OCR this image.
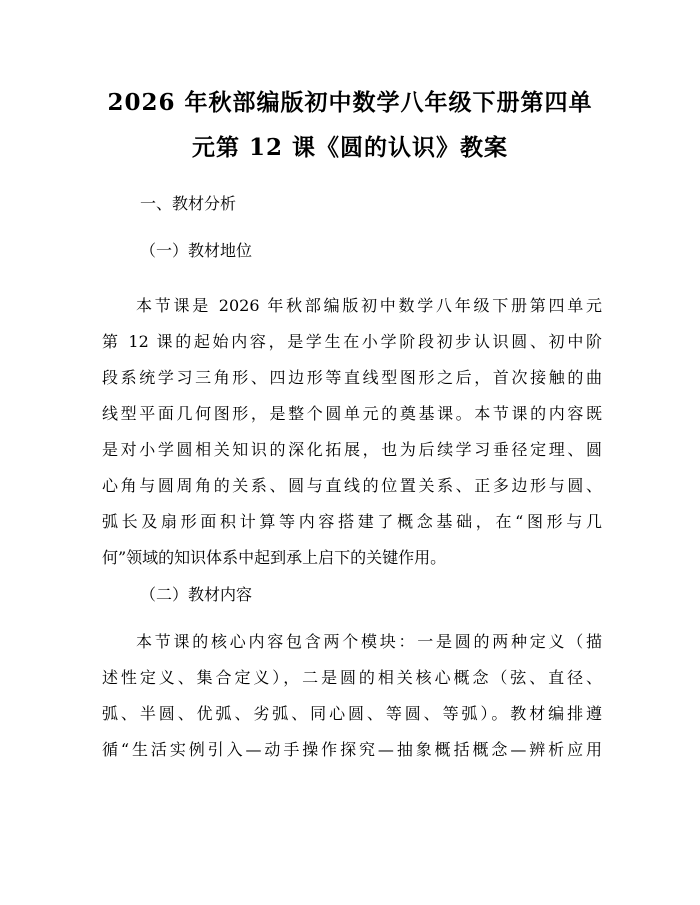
2026 年秋部编版初中数学八年级下册第四单
元第 12 课《圆的认识》教案
一、教材分析
（一）教材地位
本节课是 2026 年秋部编版初中数学八年级下册第四单元
第 12 课的起始内容，是学生在小学阶段初步认识圆、初中阶
段系统学习三角形、四边形等直线型图形之后，首次接触的曲
线型平面几何图形，是整个圆单元的奠基课。本节课的内容既
是对小学圆相关知识的深化拓展，也为后续学习垂径定理、圆
心角与圆周角的关系、圆与直线的位置关系、正多边形与圆、
弧长及扇形面积计算等内容搭建了概念基础，在“图形与几
何”领域的知识体系中起到承上启下的关键作用。
（二）教材内容
本节课的核心内容包含两个模块：一是圆的两种定义（描
述性定义、集合定义），二是圆的相关核心概念（弦、直径、
弧、半圆、优弧、劣弧、同心圆、等圆、等弧）。教材编排遵
循“生活实例引入—动手操作探究—抽象概括概念—辨析应用
